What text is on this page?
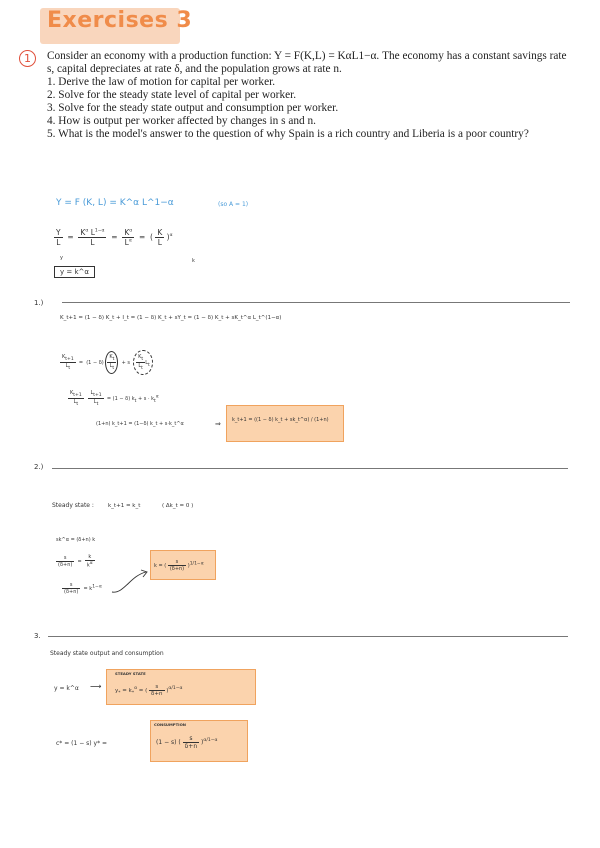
Exercises 3
1	Consider an economy with a production function: Y = F(K,L) = KαL1−α. The economy has a constant savings rate s, capital depreciates at rate δ, and the population grows at rate n.

1. Derive the law of motion for capital per worker.

2. Solve for the steady state level of capital per worker.

3. Solve for the steady state output and consumption per worker.

4. How is output per worker affected by changes in s and n.

5. What is the model's answer to the question of why Spain is a rich country and Liberia is a poor country?

Y = F (K, L) = K^α L^1−α	(so A = 1)
$\frac{Y}{L} = \frac{K^\alpha L^{1-\alpha}}{L} = \frac{K^\alpha}{L^\alpha}$ =  ( $\frac{K}{L} )^\alpha$
y	k
y = k^α
1.)
K_t+1 = (1 − δ) K_t + I_t = (1 − δ) K_t + sY_t = (1 − δ) K_t + sK_t^α L_t^(1−α)
$\frac{K_{t+1}}{L_t} = (1 - \delta) \frac{K_t}{L_t} + s$
$K_t$
$L_tL_t$
$\frac{K_{t+1}}{L_t}$
$\frac{L_{t+1}}{L_t} = (1 - \delta) k_t + s \cdot k_t^\alpha$
(1+n) k_t+1 = (1−δ) k_t + s·k_t^α	⇒ k_t+1 = ((1 − δ) k_t + sk_t^α) / (1+n)
2.)
Steady state :	k_t+1 = k_t	( Δk_t = 0 )
sk^α = (δ+n) k
$\frac{s}{(\delta+n)} = \frac{k}{k^\alpha}$
$\frac{s}{(\delta+n)} = k^{1-\alpha}$
k = ( $\frac{s}{(\delta+n)} )^{1/1-\alpha}$
3.
Steady state output and consumption
y = k^α ⟶
STEADY STATE
$y_* = k_*^\alpha$ = ( $\frac{s}{\delta+n} )^{\alpha/1-\alpha}$
c* = (1 − s) y* =
CONSUMPTION
(1 − s) ( $\frac{s}{\delta+n} )^{\alpha/1-\alpha}$
